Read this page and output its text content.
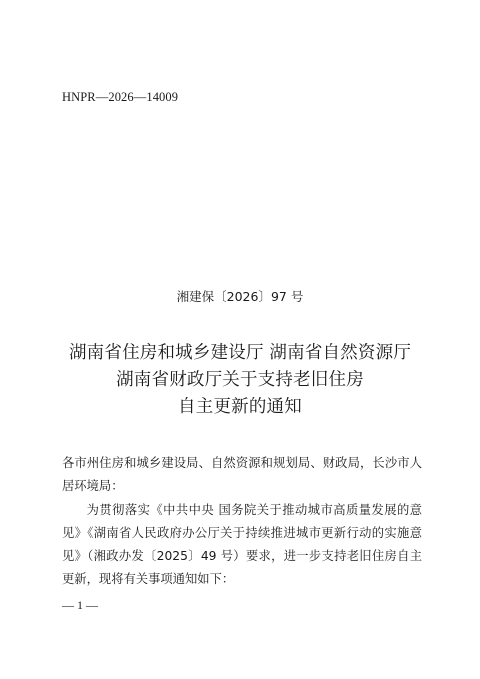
HNPR—2026—14009
湘建保〔2026〕97 号
湖南省住房和城乡建设厅 湖南省自然资源厅
湖南省财政厅关于支持老旧住房
自主更新的通知

各市州住房和城乡建设局、自然资源和规划局、财政局，长沙市人居环境局：

为贯彻落实《中共中央 国务院关于推动城市高质量发展的意见》《湖南省人民政府办公厅关于持续推进城市更新行动的实施意见》（湘政办发〔2025〕49 号）要求，进一步支持老旧住房自主更新，现将有关事项通知如下：

— 1 —
